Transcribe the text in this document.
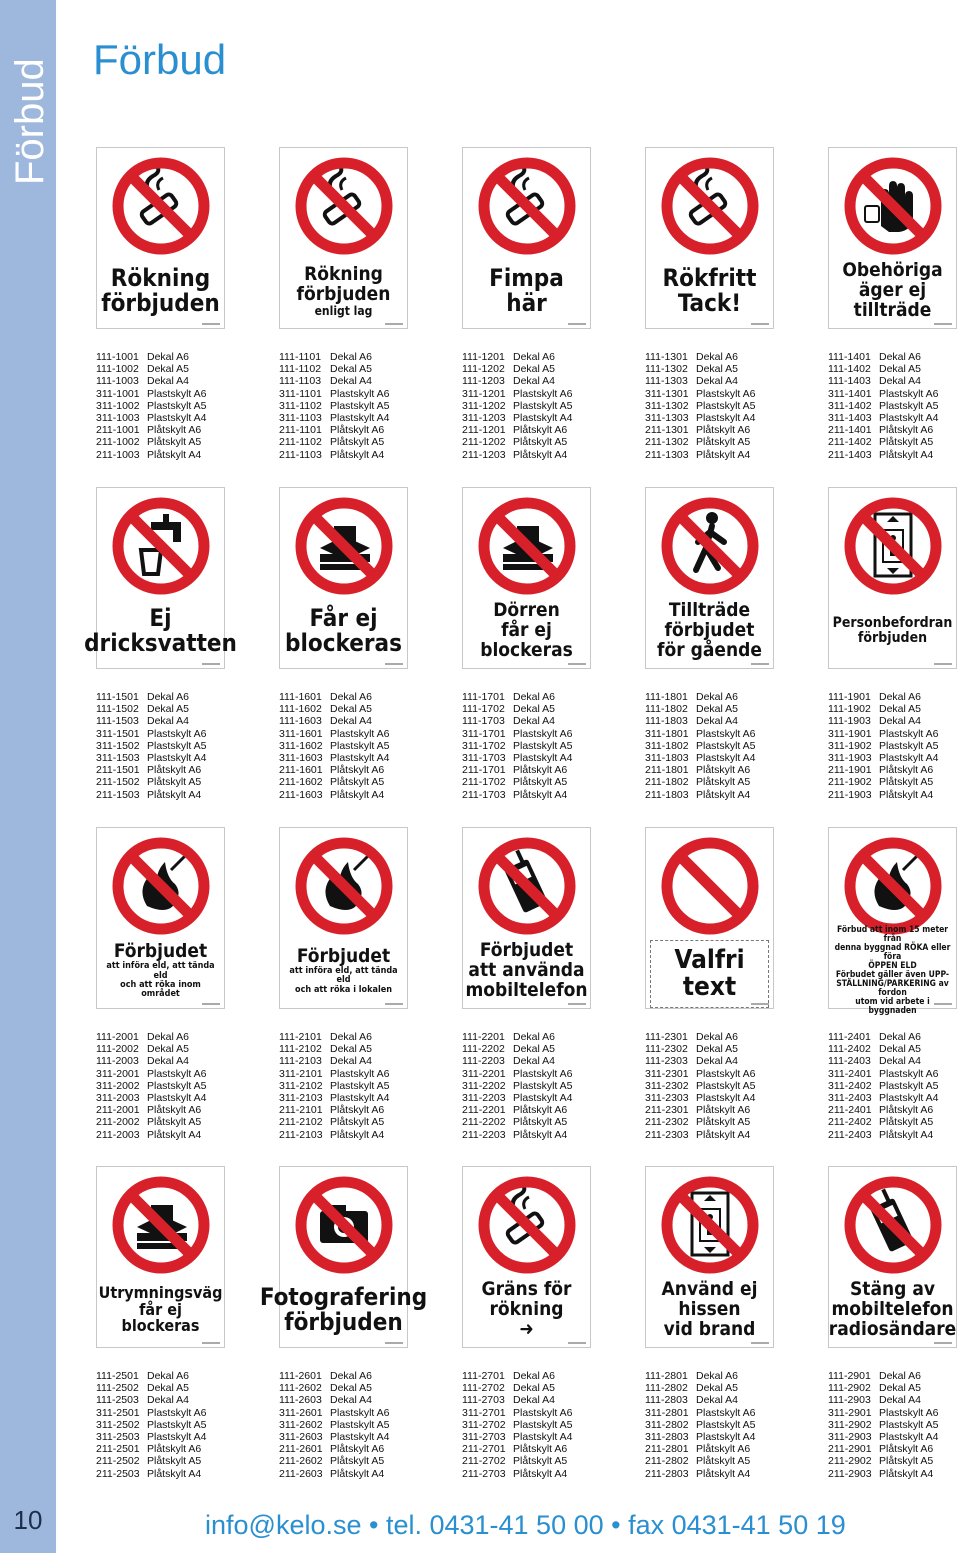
Förbud
10
Förbud
Rökning
förbjuden
111-1001 Dekal A6
111-1002 Dekal A5
111-1003 Dekal A4
311-1001 Plastskylt A6
311-1002 Plastskylt A5
311-1003 Plastskylt A4
211-1001 Plåtskylt A6
211-1002 Plåtskylt A5
211-1003 Plåtskylt A4
Rökning
förbjuden
enligt lag
111-1101 Dekal A6
111-1102 Dekal A5
111-1103 Dekal A4
311-1101 Plastskylt A6
311-1102 Plastskylt A5
311-1103 Plastskylt A4
211-1101 Plåtskylt A6
211-1102 Plåtskylt A5
211-1103 Plåtskylt A4
Fimpa
här
111-1201 Dekal A6
111-1202 Dekal A5
111-1203 Dekal A4
311-1201 Plastskylt A6
311-1202 Plastskylt A5
311-1203 Plastskylt A4
211-1201 Plåtskylt A6
211-1202 Plåtskylt A5
211-1203 Plåtskylt A4
Rökfritt
Tack!
111-1301 Dekal A6
111-1302 Dekal A5
111-1303 Dekal A4
311-1301 Plastskylt A6
311-1302 Plastskylt A5
311-1303 Plastskylt A4
211-1301 Plåtskylt A6
211-1302 Plåtskylt A5
211-1303 Plåtskylt A4
Obehöriga
äger ej
tillträde
111-1401 Dekal A6
111-1402 Dekal A5
111-1403 Dekal A4
311-1401 Plastskylt A6
311-1402 Plastskylt A5
311-1403 Plastskylt A4
211-1401 Plåtskylt A6
211-1402 Plåtskylt A5
211-1403 Plåtskylt A4
Ej
dricksvatten
111-1501 Dekal A6
111-1502 Dekal A5
111-1503 Dekal A4
311-1501 Plastskylt A6
311-1502 Plastskylt A5
311-1503 Plastskylt A4
211-1501 Plåtskylt A6
211-1502 Plåtskylt A5
211-1503 Plåtskylt A4
Får ej
blockeras
111-1601 Dekal A6
111-1602 Dekal A5
111-1603 Dekal A4
311-1601 Plastskylt A6
311-1602 Plastskylt A5
311-1603 Plastskylt A4
211-1601 Plåtskylt A6
211-1602 Plåtskylt A5
211-1603 Plåtskylt A4
Dörren
får ej
blockeras
111-1701 Dekal A6
111-1702 Dekal A5
111-1703 Dekal A4
311-1701 Plastskylt A6
311-1702 Plastskylt A5
311-1703 Plastskylt A4
211-1701 Plåtskylt A6
211-1702 Plåtskylt A5
211-1703 Plåtskylt A4
Tillträde
förbjudet
för gående
111-1801 Dekal A6
111-1802 Dekal A5
111-1803 Dekal A4
311-1801 Plastskylt A6
311-1802 Plastskylt A5
311-1803 Plastskylt A4
211-1801 Plåtskylt A6
211-1802 Plåtskylt A5
211-1803 Plåtskylt A4
Personbefordran
förbjuden
111-1901 Dekal A6
111-1902 Dekal A5
111-1903 Dekal A4
311-1901 Plastskylt A6
311-1902 Plastskylt A5
311-1903 Plastskylt A4
211-1901 Plåtskylt A6
211-1902 Plåtskylt A5
211-1903 Plåtskylt A4
Förbjudet
att införa eld, att tända eld
och att röka inom området
111-2001 Dekal A6
111-2002 Dekal A5
111-2003 Dekal A4
311-2001 Plastskylt A6
311-2002 Plastskylt A5
311-2003 Plastskylt A4
211-2001 Plåtskylt A6
211-2002 Plåtskylt A5
211-2003 Plåtskylt A4
Förbjudet
att införa eld, att tända eld
och att röka i lokalen
111-2101 Dekal A6
111-2102 Dekal A5
111-2103 Dekal A4
311-2101 Plastskylt A6
311-2102 Plastskylt A5
311-2103 Plastskylt A4
211-2101 Plåtskylt A6
211-2102 Plåtskylt A5
211-2103 Plåtskylt A4
Förbjudet
att använda
mobiltelefon
111-2201 Dekal A6
111-2202 Dekal A5
111-2203 Dekal A4
311-2201 Plastskylt A6
311-2202 Plastskylt A5
311-2203 Plastskylt A4
211-2201 Plåtskylt A6
211-2202 Plåtskylt A5
211-2203 Plåtskylt A4
Valfri
text
111-2301 Dekal A6
111-2302 Dekal A5
111-2303 Dekal A4
311-2301 Plastskylt A6
311-2302 Plastskylt A5
311-2303 Plastskylt A4
211-2301 Plåtskylt A6
211-2302 Plåtskylt A5
211-2303 Plåtskylt A4
Förbud att inom 15 meter från
denna byggnad RÖKA eller föra
ÖPPEN ELD
Förbudet gäller även UPP-
STÄLLNING/PARKERING av fordon
utom vid arbete i byggnaden
111-2401 Dekal A6
111-2402 Dekal A5
111-2403 Dekal A4
311-2401 Plastskylt A6
311-2402 Plastskylt A5
311-2403 Plastskylt A4
211-2401 Plåtskylt A6
211-2402 Plåtskylt A5
211-2403 Plåtskylt A4
Utrymningsväg
får ej blockeras
111-2501 Dekal A6
111-2502 Dekal A5
111-2503 Dekal A4
311-2501 Plastskylt A6
311-2502 Plastskylt A5
311-2503 Plastskylt A4
211-2501 Plåtskylt A6
211-2502 Plåtskylt A5
211-2503 Plåtskylt A4
Fotografering
förbjuden
111-2601 Dekal A6
111-2602 Dekal A5
111-2603 Dekal A4
311-2601 Plastskylt A6
311-2602 Plastskylt A5
311-2603 Plastskylt A4
211-2601 Plåtskylt A6
211-2602 Plåtskylt A5
211-2603 Plåtskylt A4
Gräns för
rökning
➜
111-2701 Dekal A6
111-2702 Dekal A5
111-2703 Dekal A4
311-2701 Plastskylt A6
311-2702 Plastskylt A5
311-2703 Plastskylt A4
211-2701 Plåtskylt A6
211-2702 Plåtskylt A5
211-2703 Plåtskylt A4
Använd ej
hissen
vid brand
111-2801 Dekal A6
111-2802 Dekal A5
111-2803 Dekal A4
311-2801 Plastskylt A6
311-2802 Plastskylt A5
311-2803 Plastskylt A4
211-2801 Plåtskylt A6
211-2802 Plåtskylt A5
211-2803 Plåtskylt A4
Stäng av
mobiltelefon
radiosändare
111-2901 Dekal A6
111-2902 Dekal A5
111-2903 Dekal A4
311-2901 Plastskylt A6
311-2902 Plastskylt A5
311-2903 Plastskylt A4
211-2901 Plåtskylt A6
211-2902 Plåtskylt A5
211-2903 Plåtskylt A4
info@kelo.se • tel. 0431-41 50 00 • fax 0431-41 50 19
